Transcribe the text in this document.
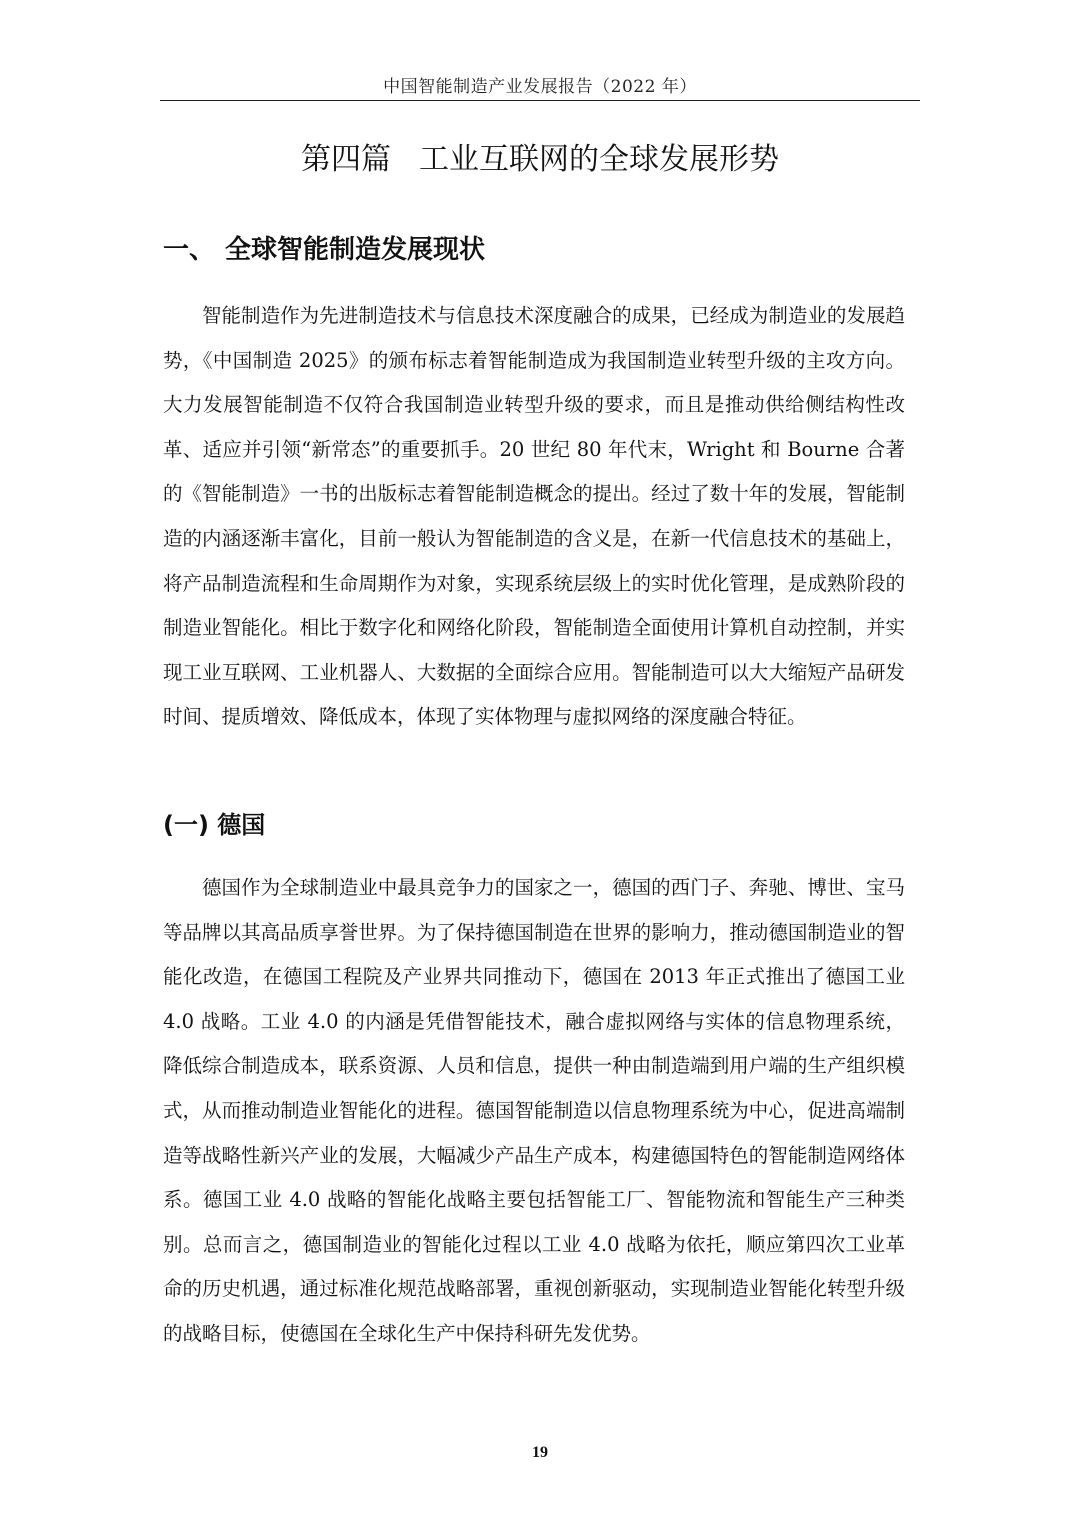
中国智能制造产业发展报告（2022 年）
第四篇 工业互联网的全球发展形势
一、 全球智能制造发展现状

智能制造作为先进制造技术与信息技术深度融合的成果，已经成为制造业的发展趋势，《中国制造 2025》的颁布标志着智能制造成为我国制造业转型升级的主攻方向。大力发展智能制造不仅符合我国制造业转型升级的要求，而且是推动供给侧结构性改革、适应并引领“新常态”的重要抓手。20 世纪 80 年代末，Wright 和 Bourne 合著的《智能制造》一书的出版标志着智能制造概念的提出。经过了数十年的发展，智能制造的内涵逐渐丰富化，目前一般认为智能制造的含义是，在新一代信息技术的基础上，将产品制造流程和生命周期作为对象，实现系统层级上的实时优化管理，是成熟阶段的制造业智能化。相比于数字化和网络化阶段，智能制造全面使用计算机自动控制，并实现工业互联网、工业机器人、大数据的全面综合应用。智能制造可以大大缩短产品研发时间、提质增效、降低成本，体现了实体物理与虚拟网络的深度融合特征。

(一) 德国

德国作为全球制造业中最具竞争力的国家之一，德国的西门子、奔驰、博世、宝马等品牌以其高品质享誉世界。为了保持德国制造在世界的影响力，推动德国制造业的智能化改造，在德国工程院及产业界共同推动下，德国在 2013 年正式推出了德国工业 4.0 战略。工业 4.0 的内涵是凭借智能技术，融合虚拟网络与实体的信息物理系统，降低综合制造成本，联系资源、人员和信息，提供一种由制造端到用户端的生产组织模式，从而推动制造业智能化的进程。德国智能制造以信息物理系统为中心，促进高端制造等战略性新兴产业的发展，大幅减少产品生产成本，构建德国特色的智能制造网络体系。德国工业 4.0 战略的智能化战略主要包括智能工厂、智能物流和智能生产三种类别。总而言之，德国制造业的智能化过程以工业 4.0 战略为依托，顺应第四次工业革命的历史机遇，通过标准化规范战略部署，重视创新驱动，实现制造业智能化转型升级的战略目标，使德国在全球化生产中保持科研先发优势。

19
